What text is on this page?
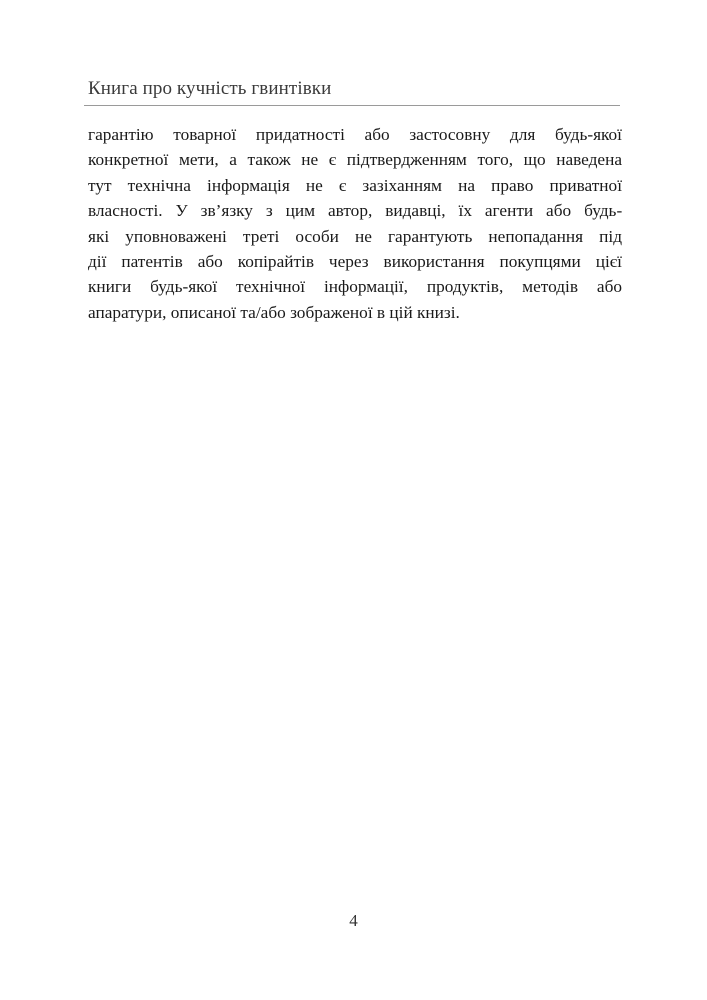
Книга про кучність гвинтівки
гарантію товарної придатності або застосовну для будь-якої
конкретної мети, а також не є підтвердженням того, що наведена
тут технічна інформація не є зазіханням на право приватної
власності. У зв’язку з цим автор, видавці, їх агенти або будь-
які уповноважені треті особи не гарантують непопадання під
дії патентів або копірайтів через використання покупцями цієї
книги будь-якої технічної інформації, продуктів, методів або
апаратури, описаної та/або зображеної в цій книзі.
4
